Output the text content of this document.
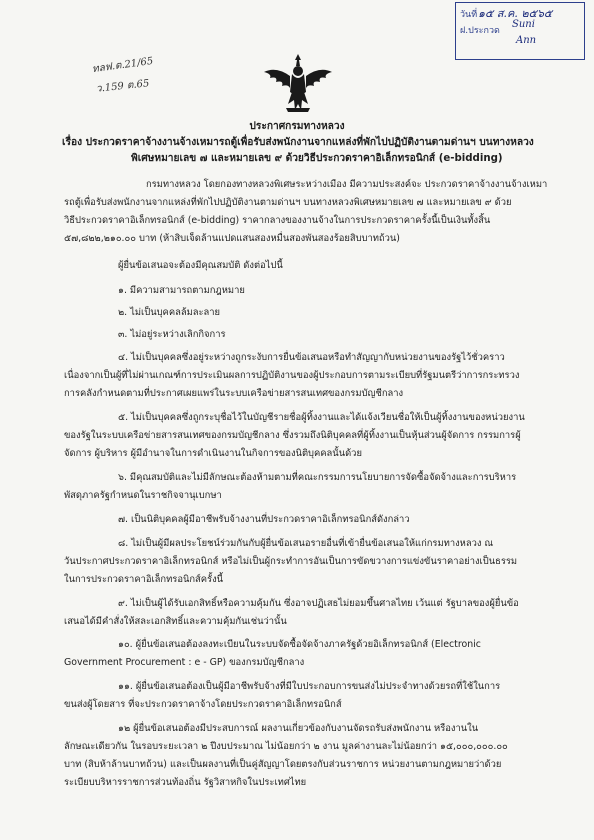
ทลฟ.ต.21/65
ว.159 ต.65
วันที่ ๑๕ ส.ค. ๒๕๖๕
ฝ.ประกวด
Suni
Ann
ประกาศกรมทางหลวง
เรื่อง ประกวดราคาจ้างงานจ้างเหมารถตู้เพื่อรับส่งพนักงานจากแหล่งที่พักไปปฏิบัติงานตามด่านฯ บนทางหลวง
พิเศษหมายเลข ๗ และหมายเลข ๙ ด้วยวิธีประกวดราคาอิเล็กทรอนิกส์ (e-bidding)
กรมทางหลวง โดยกองทางหลวงพิเศษระหว่างเมือง มีความประสงค์จะ ประกวดราคาจ้างงานจ้างเหมา
รถตู้เพื่อรับส่งพนักงานจากแหล่งที่พักไปปฏิบัติงานตามด่านฯ บนทางหลวงพิเศษหมายเลข ๗ และหมายเลข ๙ ด้วย
วิธีประกวดราคาอิเล็กทรอนิกส์ (e-bidding) ราคากลางของงานจ้างในการประกวดราคาครั้งนี้เป็นเงินทั้งสิ้น
๕๗,๘๒๒,๒๑๐.๐๐ บาท (ห้าสิบเจ็ดล้านแปดแสนสองหมื่นสองพันสองร้อยสิบบาทถ้วน)
ผู้ยื่นข้อเสนอจะต้องมีคุณสมบัติ ดังต่อไปนี้
๑. มีความสามารถตามกฎหมาย
๒. ไม่เป็นบุคคลล้มละลาย
๓. ไม่อยู่ระหว่างเลิกกิจการ
๔. ไม่เป็นบุคคลซึ่งอยู่ระหว่างถูกระงับการยื่นข้อเสนอหรือทำสัญญากับหน่วยงานของรัฐไว้ชั่วคราว
เนื่องจากเป็นผู้ที่ไม่ผ่านเกณฑ์การประเมินผลการปฏิบัติงานของผู้ประกอบการตามระเบียบที่รัฐมนตรีว่าการกระทรวง
การคลังกำหนดตามที่ประกาศเผยแพร่ในระบบเครือข่ายสารสนเทศของกรมบัญชีกลาง
๕. ไม่เป็นบุคคลซึ่งถูกระบุชื่อไว้ในบัญชีรายชื่อผู้ทิ้งงานและได้แจ้งเวียนชื่อให้เป็นผู้ทิ้งงานของหน่วยงาน
ของรัฐในระบบเครือข่ายสารสนเทศของกรมบัญชีกลาง ซึ่งรวมถึงนิติบุคคลที่ผู้ทิ้งงานเป็นหุ้นส่วนผู้จัดการ กรรมการผู้
จัดการ ผู้บริหาร ผู้มีอำนาจในการดำเนินงานในกิจการของนิติบุคคลนั้นด้วย
๖. มีคุณสมบัติและไม่มีลักษณะต้องห้ามตามที่คณะกรรมการนโยบายการจัดซื้อจัดจ้างและการบริหาร
พัสดุภาครัฐกำหนดในราชกิจจานุเบกษา
๗. เป็นนิติบุคคลผู้มีอาชีพรับจ้างงานที่ประกวดราคาอิเล็กทรอนิกส์ดังกล่าว
๘. ไม่เป็นผู้มีผลประโยชน์ร่วมกันกับผู้ยื่นข้อเสนอรายอื่นที่เข้ายื่นข้อเสนอให้แก่กรมทางหลวง ณ
วันประกาศประกวดราคาอิเล็กทรอนิกส์ หรือไม่เป็นผู้กระทำการอันเป็นการขัดขวางการแข่งขันราคาอย่างเป็นธรรม
ในการประกวดราคาอิเล็กทรอนิกส์ครั้งนี้
๙. ไม่เป็นผู้ได้รับเอกสิทธิ์หรือความคุ้มกัน ซึ่งอาจปฏิเสธไม่ยอมขึ้นศาลไทย เว้นแต่ รัฐบาลของผู้ยื่นข้อ
เสนอได้มีคำสั่งให้สละเอกสิทธิ์และความคุ้มกันเช่นว่านั้น
๑๐. ผู้ยื่นข้อเสนอต้องลงทะเบียนในระบบจัดซื้อจัดจ้างภาครัฐด้วยอิเล็กทรอนิกส์ (Electronic
Government Procurement : e - GP) ของกรมบัญชีกลาง
๑๑. ผู้ยื่นข้อเสนอต้องเป็นผู้มีอาชีพรับจ้างที่มีใบประกอบการขนส่งไม่ประจำทางด้วยรถที่ใช้ในการ
ขนส่งผู้โดยสาร ที่จะประกวดราคาจ้างโดยประกวดราคาอิเล็กทรอนิกส์
๑๒ ผู้ยื่นข้อเสนอต้องมีประสบการณ์ ผลงานเกี่ยวข้องกับงานจัดรถรับส่งพนักงาน หรืองานใน
ลักษณะเดียวกัน ในรอบระยะเวลา ๒ ปีงบประมาณ ไม่น้อยกว่า ๒ งาน มูลค่างานละไม่น้อยกว่า ๑๕,๐๐๐,๐๐๐.๐๐
บาท (สิบห้าล้านบาทถ้วน) และเป็นผลงานที่เป็นคู่สัญญาโดยตรงกับส่วนราชการ หน่วยงานตามกฎหมายว่าด้วย
ระเบียบบริหารราชการส่วนท้องถิ่น รัฐวิสาหกิจในประเทศไทย
